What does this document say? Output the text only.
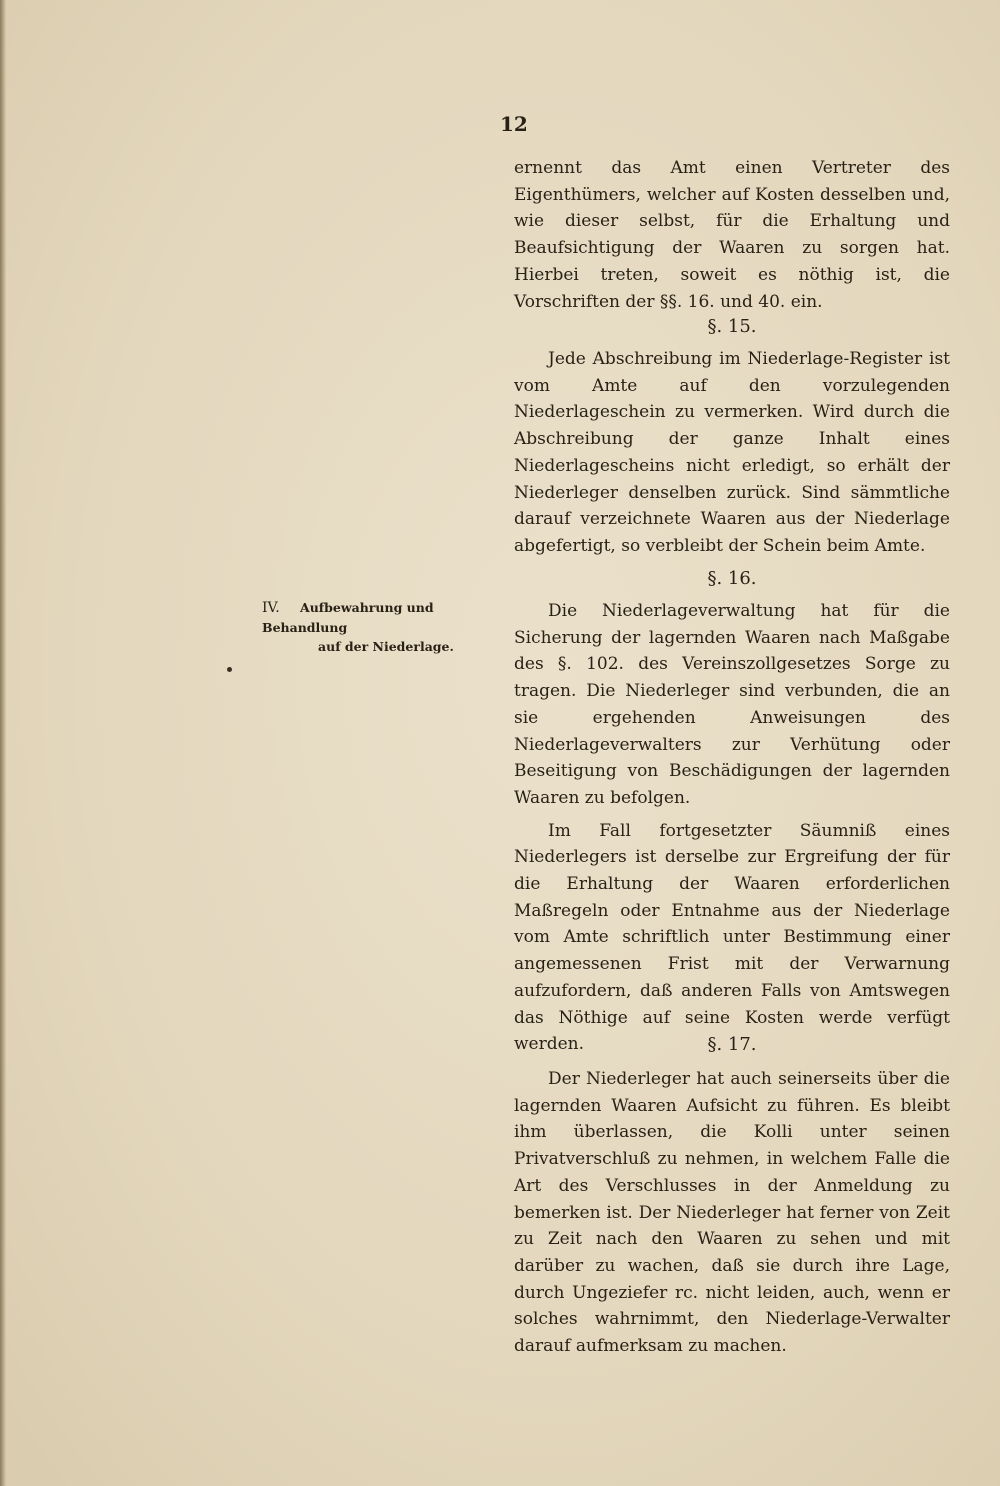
12

ernennt das Amt einen Vertreter des Eigenthümers, welcher auf Kosten desselben und, wie dieser selbst, für die Erhaltung und Beaufsichtigung der Waaren zu sorgen hat. Hierbei treten, soweit es nöthig ist, die Vorschriften der §§. 16. und 40. ein.

§. 15.

Jede Abschreibung im Niederlage-Register ist vom Amte auf den vorzulegenden Niederlageschein zu vermerken. Wird durch die Abschreibung der ganze Inhalt eines Niederlagescheins nicht erledigt, so erhält der Niederleger denselben zurück. Sind sämmtliche darauf verzeichnete Waaren aus der Niederlage abgefertigt, so verbleibt der Schein beim Amte.

§. 16.
IV. Aufbewahrung und Behandlung
auf der Niederlage.

Die Niederlageverwaltung hat für die Sicherung der lagernden Waaren nach Maßgabe des §. 102. des Vereinszollgesetzes Sorge zu tragen. Die Niederleger sind verbunden, die an sie ergehenden Anweisungen des Niederlageverwalters zur Verhütung oder Beseitigung von Beschädigungen der lagernden Waaren zu befolgen.

Im Fall fortgesetzter Säumniß eines Niederlegers ist derselbe zur Ergreifung der für die Erhaltung der Waaren erforderlichen Maßregeln oder Entnahme aus der Niederlage vom Amte schriftlich unter Bestimmung einer angemessenen Frist mit der Verwarnung aufzufordern, daß anderen Falls von Amtswegen das Nöthige auf seine Kosten werde verfügt werden.	§. 17.

Der Niederleger hat auch seinerseits über die lagernden Waaren Aufsicht zu führen. Es bleibt ihm überlassen, die Kolli unter seinen Privatverschluß zu nehmen, in welchem Falle die Art des Verschlusses in der Anmeldung zu bemerken ist. Der Niederleger hat ferner von Zeit zu Zeit nach den Waaren zu sehen und mit darüber zu wachen, daß sie durch ihre Lage, durch Ungeziefer rc. nicht leiden, auch, wenn er solches wahrnimmt, den Niederlage-Verwalter darauf aufmerksam zu machen.
